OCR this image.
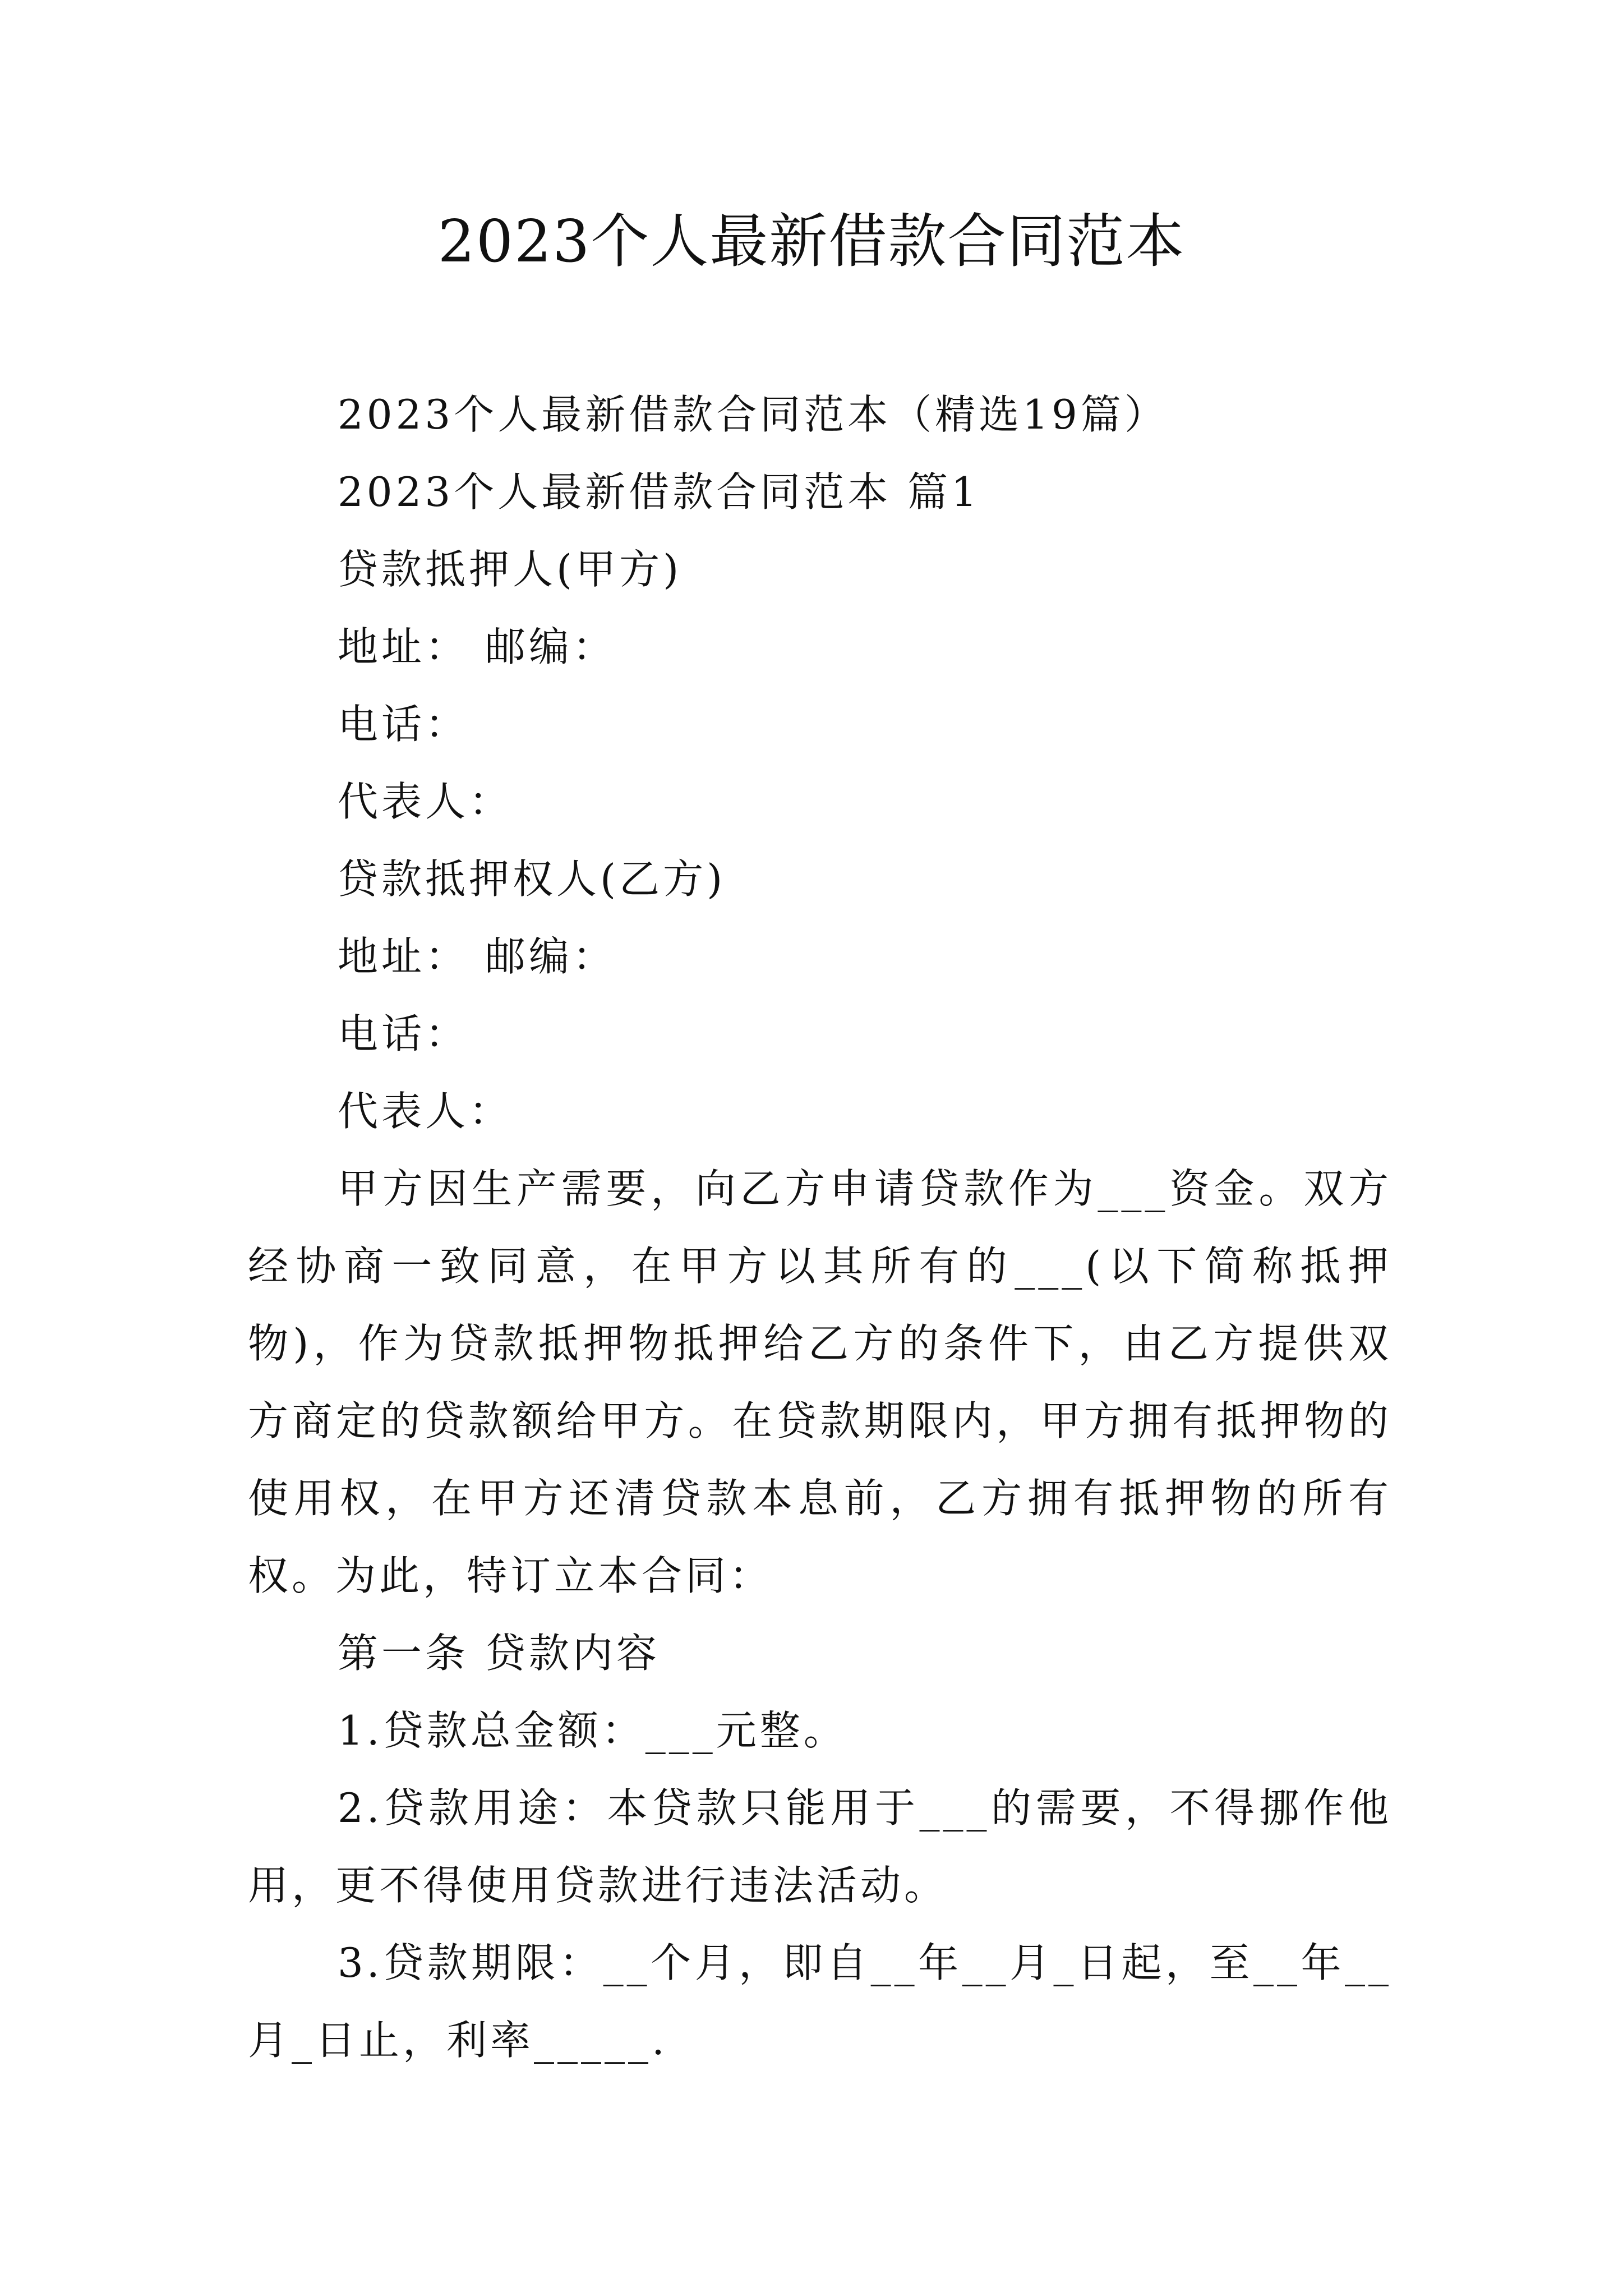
2023个人最新借款合同范本
2023个人最新借款合同范本（精选19篇）
2023个人最新借款合同范本 篇1
贷款抵押人(甲方)
地址： 邮编：
电话：
代表人：
贷款抵押权人(乙方)
地址： 邮编：
电话：
代表人：

甲方因生产需要，向乙方申请贷款作为___资金。双方经协商一致同意，在甲方以其所有的___(以下简称抵押物)，作为贷款抵押物抵押给乙方的条件下，由乙方提供双方商定的贷款额给甲方。在贷款期限内，甲方拥有抵押物的使用权，在甲方还清贷款本息前，乙方拥有抵押物的所有权。为此，特订立本合同：

第一条 贷款内容

1.贷款总金额：___元整。

2.贷款用途：本贷款只能用于___的需要，不得挪作他用，更不得使用贷款进行违法活动。

3.贷款期限：__个月，即自__年__月_日起，至__年__月_日止，利率_____.
